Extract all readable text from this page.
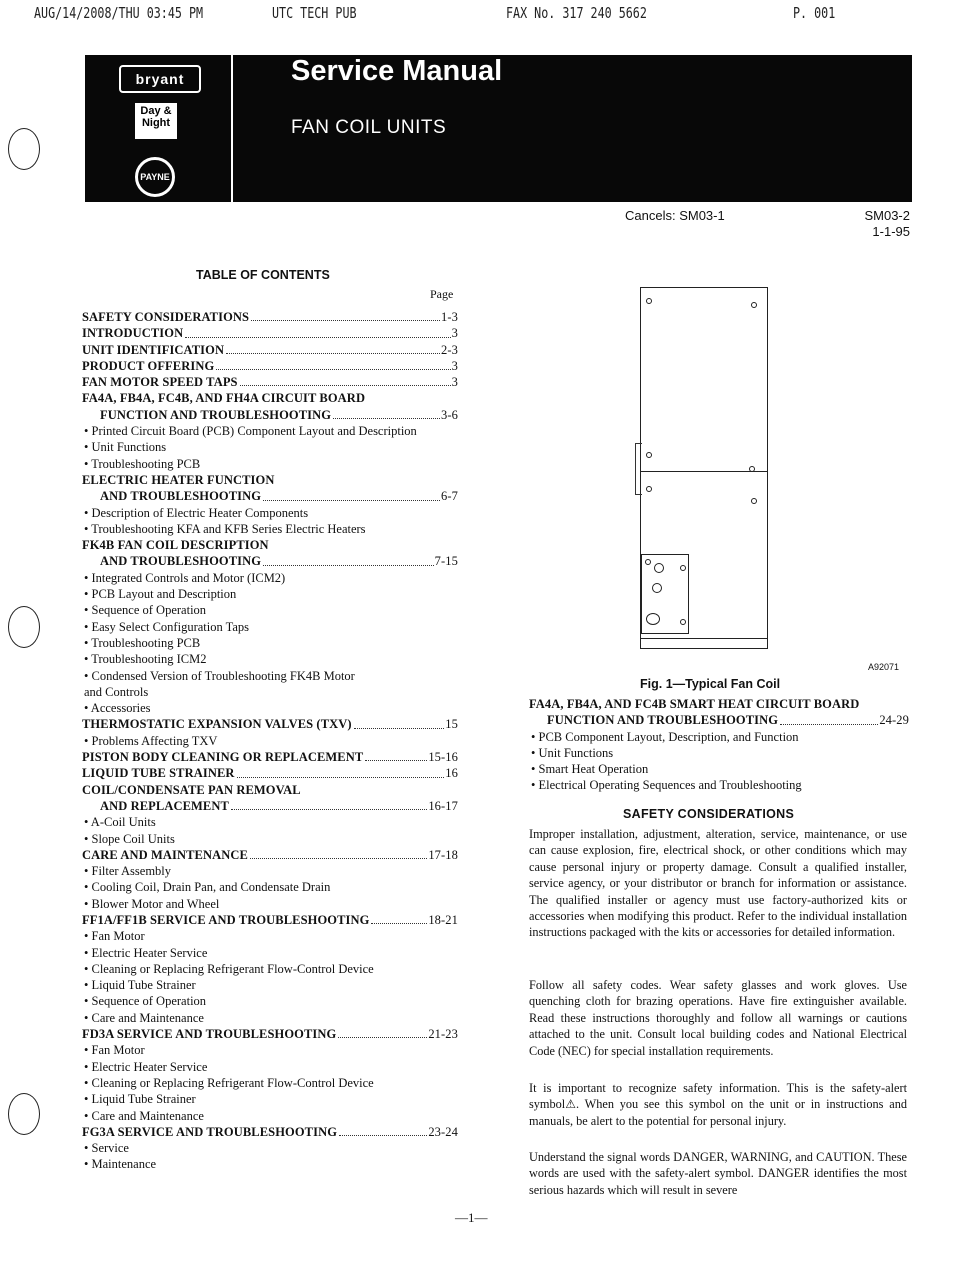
AUG/14/2008/THU 03:45 PM	UTC TECH PUB	FAX No. 317 240 5662	P. 001
bryant
Day &
Night
PAYNE
Service Manual
FAN COIL UNITS
Cancels: SM03-1	SM03-2
1-1-95
TABLE OF CONTENTS
Page
SAFETY CONSIDERATIONS	1-3
INTRODUCTION	3
UNIT IDENTIFICATION	2-3
PRODUCT OFFERING	3
FAN MOTOR SPEED TAPS	3
FA4A, FB4A, FC4B, AND FH4A CIRCUIT BOARD
FUNCTION AND TROUBLESHOOTING	3-6
• Printed Circuit Board (PCB) Component Layout and Description
• Unit Functions
• Troubleshooting PCB
ELECTRIC HEATER FUNCTION
AND TROUBLESHOOTING	6-7
• Description of Electric Heater Components
• Troubleshooting KFA and KFB Series Electric Heaters
FK4B FAN COIL DESCRIPTION
AND TROUBLESHOOTING	7-15
• Integrated Controls and Motor (ICM2)
• PCB Layout and Description
• Sequence of Operation
• Easy Select Configuration Taps
• Troubleshooting PCB
• Troubleshooting ICM2
• Condensed Version of Troubleshooting FK4B Motor
and Controls
• Accessories
THERMOSTATIC EXPANSION VALVES (TXV)	15
• Problems Affecting TXV
PISTON BODY CLEANING OR REPLACEMENT	15-16
LIQUID TUBE STRAINER	16
COIL/CONDENSATE PAN REMOVAL
AND REPLACEMENT	16-17
• A-Coil Units
• Slope Coil Units
CARE AND MAINTENANCE	17-18
• Filter Assembly
• Cooling Coil, Drain Pan, and Condensate Drain
• Blower Motor and Wheel
FF1A/FF1B SERVICE AND TROUBLESHOOTING	18-21
• Fan Motor
• Electric Heater Service
• Cleaning or Replacing Refrigerant Flow-Control Device
• Liquid Tube Strainer
• Sequence of Operation
• Care and Maintenance
FD3A SERVICE AND TROUBLESHOOTING	21-23
• Fan Motor
• Electric Heater Service
• Cleaning or Replacing Refrigerant Flow-Control Device
• Liquid Tube Strainer
• Care and Maintenance
FG3A SERVICE AND TROUBLESHOOTING	23-24
• Service
• Maintenance
A92071
Fig. 1—Typical Fan Coil
FA4A, FB4A, AND FC4B SMART HEAT CIRCUIT BOARD
FUNCTION AND TROUBLESHOOTING	24-29
• PCB Component Layout, Description, and Function
• Unit Functions
• Smart Heat Operation
• Electrical Operating Sequences and Troubleshooting
SAFETY CONSIDERATIONS
Improper installation, adjustment, alteration, service, maintenance, or use can cause explosion, fire, electrical shock, or other conditions which may cause personal injury or property damage. Consult a qualified installer, service agency, or your distributor or branch for information or assistance. The qualified installer or agency must use factory-authorized kits or accessories when modifying this product. Refer to the individual installation instructions packaged with the kits or accessories for detailed information.
Follow all safety codes. Wear safety glasses and work gloves. Use quenching cloth for brazing operations. Have fire extinguisher available. Read these instructions thoroughly and follow all warnings or cautions attached to the unit. Consult local building codes and National Electrical Code (NEC) for special installation requirements.
It is important to recognize safety information. This is the safety-alert symbol⚠. When you see this symbol on the unit or in instructions and manuals, be alert to the potential for personal injury.
Understand the signal words DANGER, WARNING, and CAUTION. These words are used with the safety-alert symbol. DANGER identifies the most serious hazards which will result in severe
—1—
